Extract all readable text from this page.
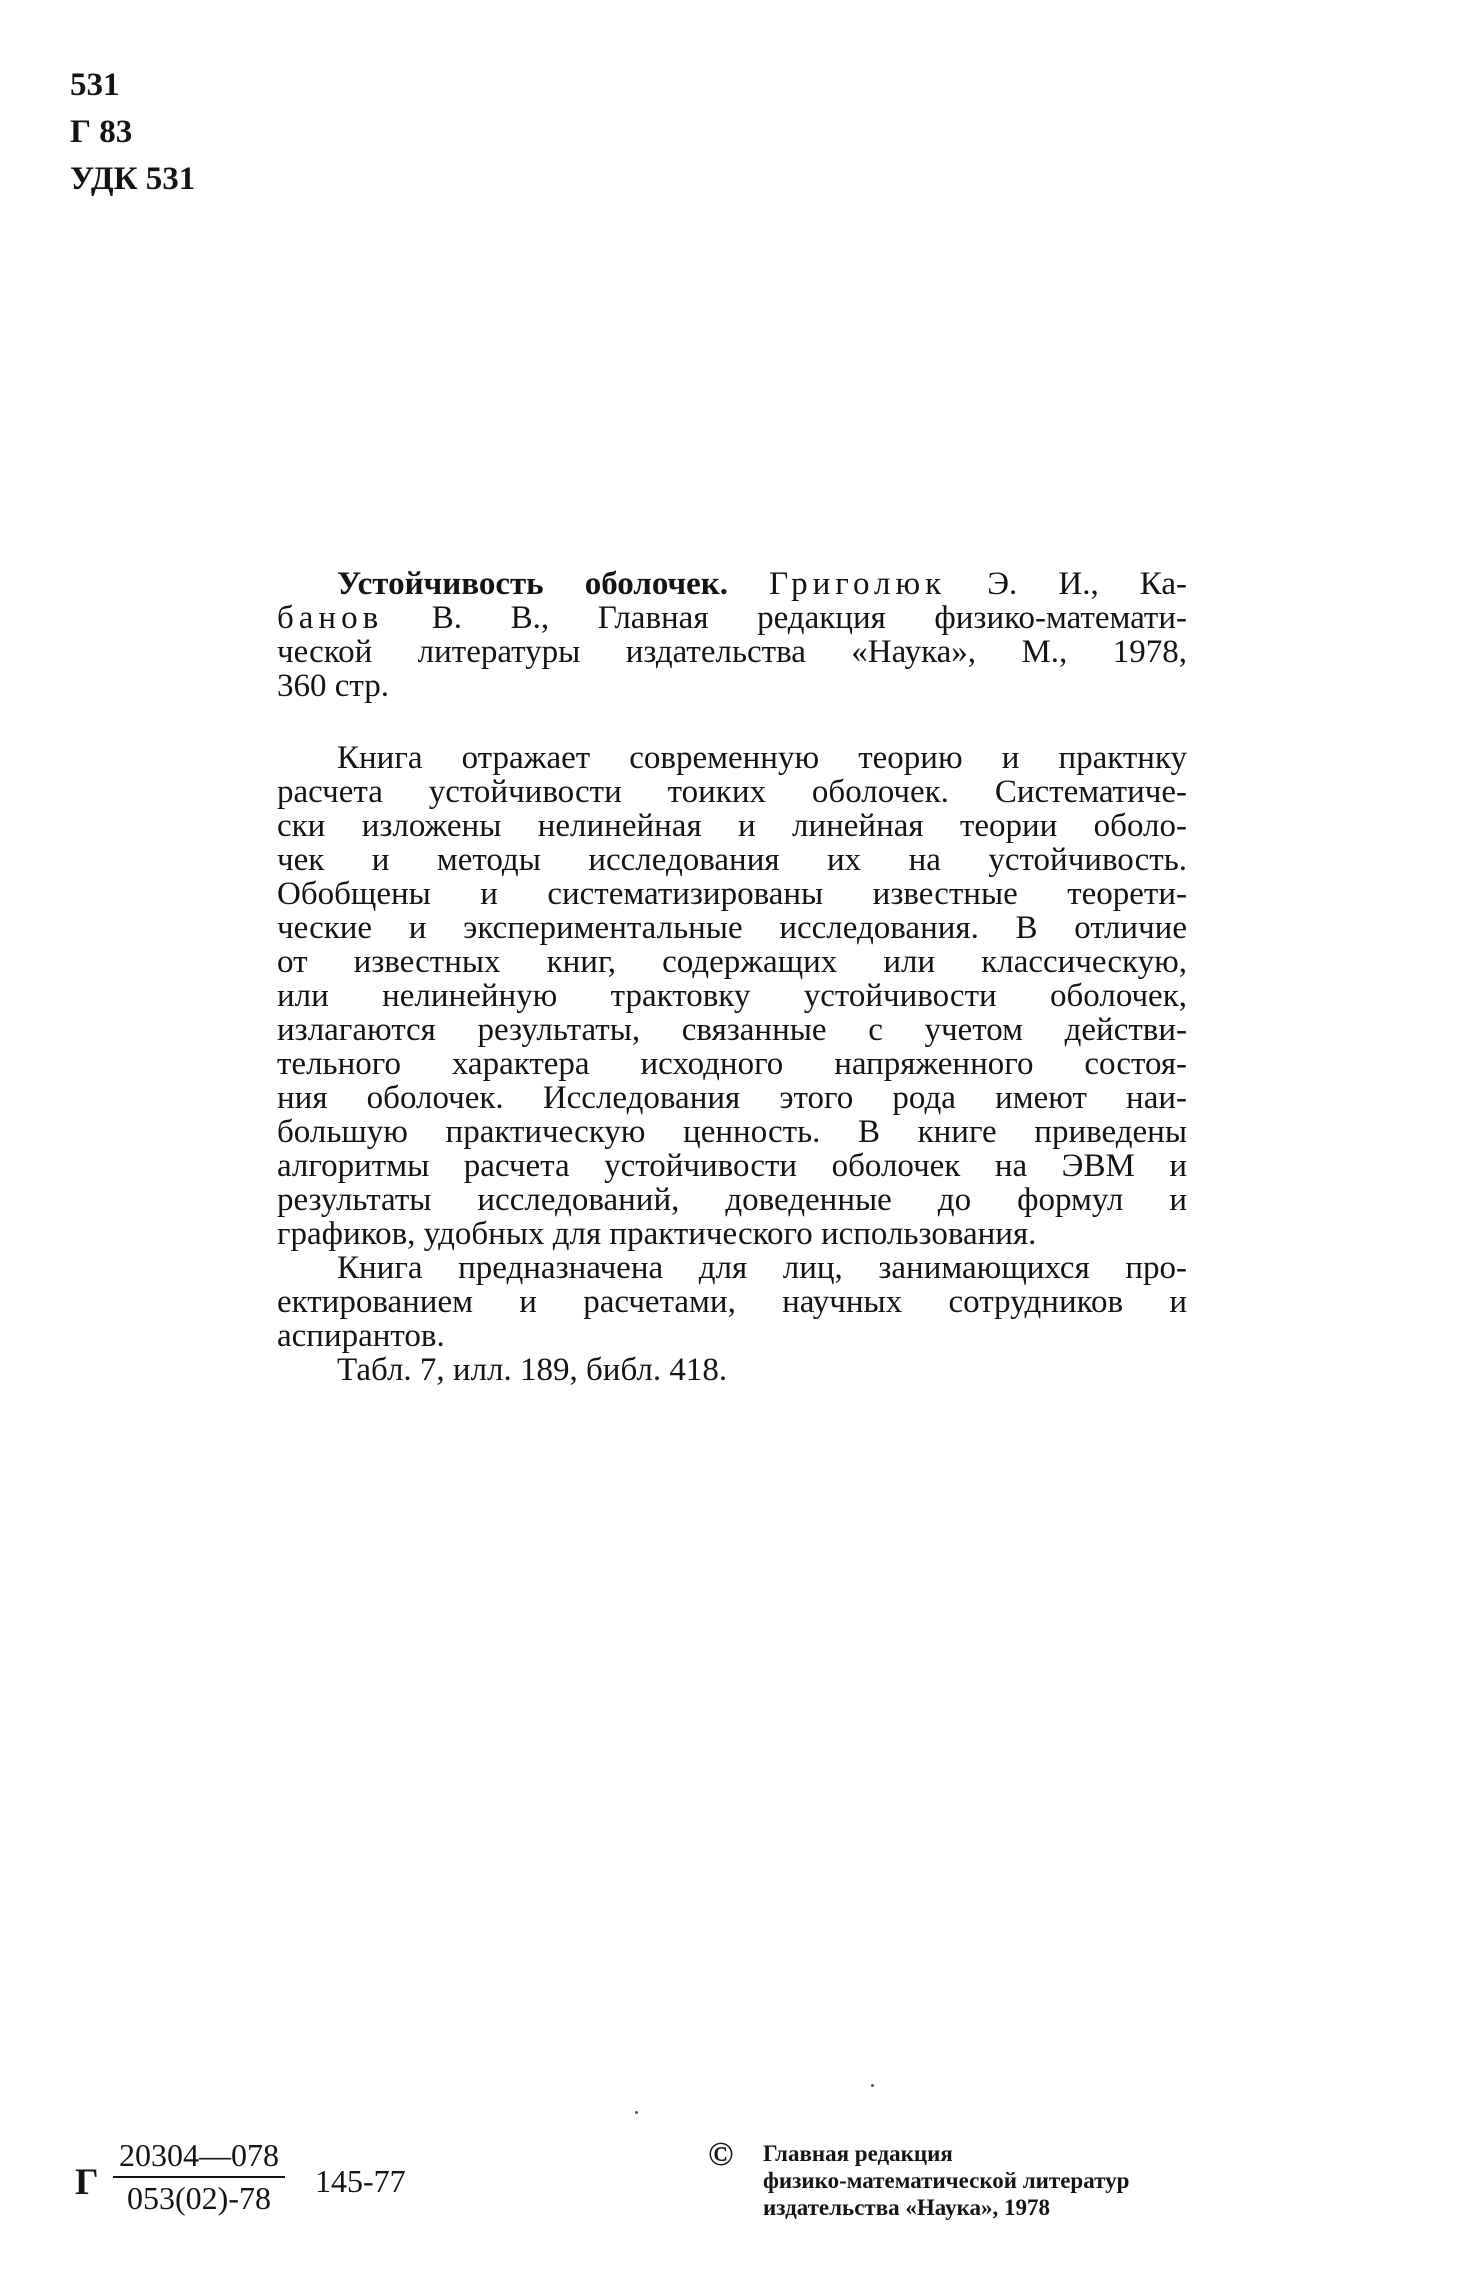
531
Г 83
УДК 531
Устойчивость оболочек. Григолюк Э. И., Ка-
банов В. В., Главная редакция физико-математи-
ческой литературы издательства «Наука», М., 1978,
360 стр.
Книга отражает современную теорию и практнку
расчета устойчивости тоиких оболочек. Систематиче-
ски изложены нелинейная и линейная теории оболо-
чек и методы исследования их на устойчивость.
Обобщены и систематизированы известные теорети-
ческие и экспериментальные исследования. В отличие
от известных книг, содержащих или классическую,
или нелинейную трактовку устойчивости оболочек,
излагаются результаты, связанные с учетом действи-
тельного характера исходного напряженного состоя-
ния оболочек. Исследования этого рода имеют наи-
большую практическую ценность. В книге приведены
алгоритмы расчета устойчивости оболочек на ЭВМ и
результаты исследований, доведенные до формул и
графиков, удобных для практического использования.
Книга предназначена для лиц, занимающихся про-
ектированием и расчетами, научных сотрудников и
аспирантов.
Табл. 7, илл. 189, библ. 418.
Г $\frac{20304—078}{053(02)-78} 145-77$
© Главная редакция
физико-математической литератур
издательства «Наука», 1978
